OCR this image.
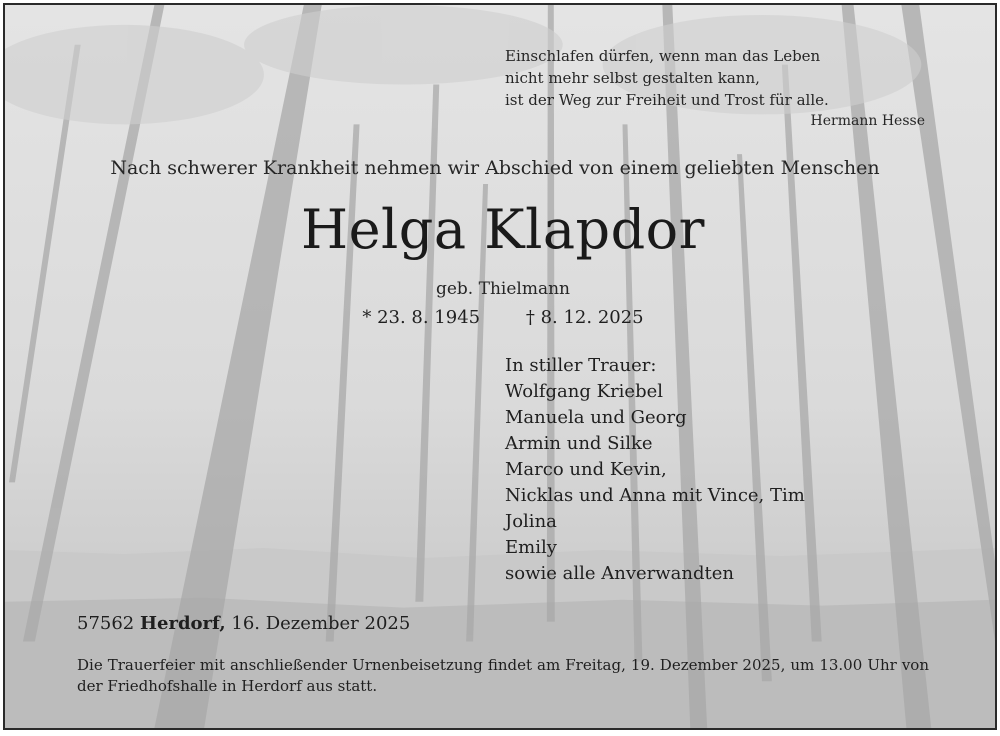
Einschlafen dürfen, wenn man das Leben
nicht mehr selbst gestalten kann,
ist der Weg zur Freiheit und Trost für alle.
Hermann Hesse
Nach schwerer Krankheit nehmen wir Abschied von einem geliebten Menschen
Helga Klapdor
geb. Thielmann
* 23. 8. 1945	† 8. 12. 2025
In stiller Trauer:
Wolfgang Kriebel
Manuela und Georg
Armin und Silke
Marco und Kevin,
Nicklas und Anna mit Vince, Tim
Jolina
Emily
sowie alle Anverwandten
57562 Herdorf, 16. Dezember 2025
Die Trauerfeier mit anschließender Urnenbeisetzung findet am Freitag, 19. Dezember 2025, um 13.00 Uhr von der Friedhofshalle in Herdorf aus statt.
